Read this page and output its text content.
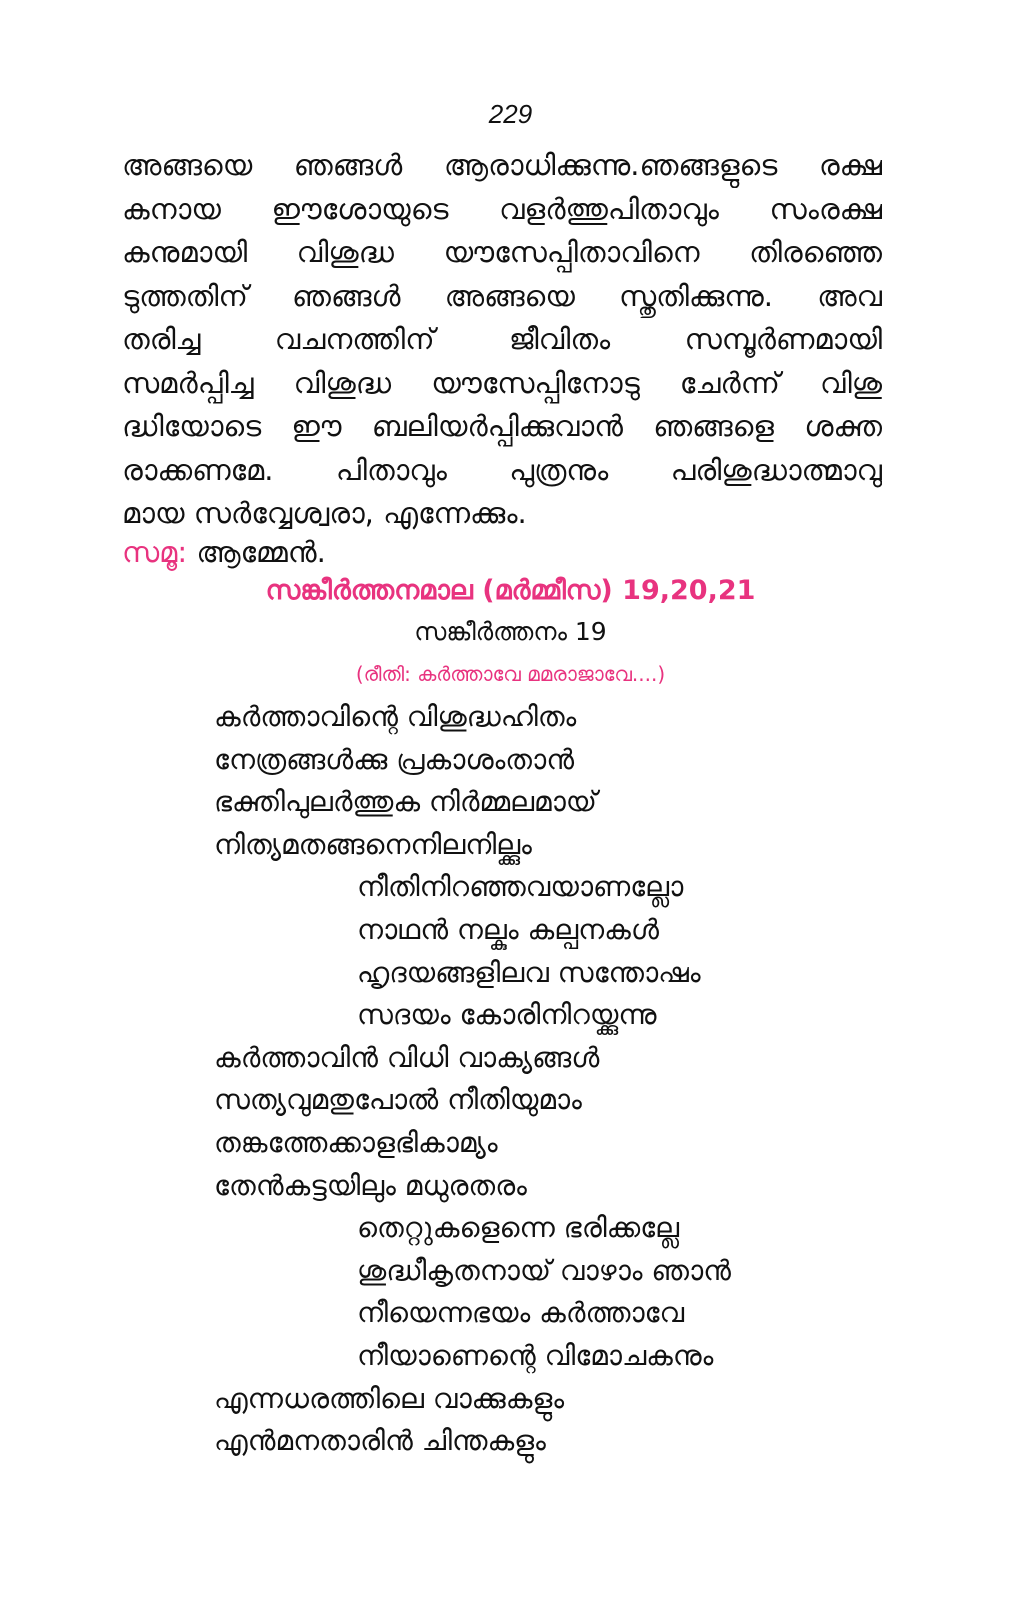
229
അങ്ങയെ ഞങ്ങൾ ആരാധിക്കുന്നു.ഞങ്ങളുടെ രക്ഷ
കനായ ഈശോയുടെ വളർത്തുപിതാവും സംരക്ഷ
കനുമായി വിശുദ്ധ യൗസേപ്പിതാവിനെ തിരഞ്ഞെ
ടുത്തതിന് ഞങ്ങൾ അങ്ങയെ സ്തുതിക്കുന്നു. അവ
തരിച്ച വചനത്തിന് ജീവിതം സമ്പൂർണമായി
സമർപ്പിച്ച വിശുദ്ധ യൗസേപ്പിനോടു ചേർന്ന് വിശു
ദ്ധിയോടെ ഈ ബലിയർപ്പിക്കുവാൻ ഞങ്ങളെ ശക്ത
രാക്കണമേ. പിതാവും പുത്രനും പരിശുദ്ധാത്മാവു
മായ സർവ്വേശ്വരാ, എന്നേക്കും.
സമൂ: ആമ്മേൻ.
സങ്കീർത്തനമാല (മർമ്മീസ) 19,20,21
സങ്കീർത്തനം 19
(രീതി: കർത്താവേ മമരാജാവേ....)
കർത്താവിന്റെ വിശുദ്ധഹിതം
നേത്രങ്ങൾക്കു പ്രകാശംതാൻ
ഭക്തിപുലർത്തുക നിർമ്മലമായ്
നിത്യമതങ്ങനെനിലനില്ക്കും
നീതിനിറഞ്ഞവയാണല്ലോ
നാഥൻ നല്കും കല്പനകൾ
ഹൃദയങ്ങളിലവ സന്തോഷം
സദയം കോരിനിറയ്ക്കുന്നു
കർത്താവിൻ വിധി വാക്യങ്ങൾ
സത്യവുമതുപോൽ നീതിയുമാം
തങ്കത്തേക്കാളഭികാമ്യം
തേൻകട്ടയിലും മധുരതരം
തെറ്റുകളെന്നെ ഭരിക്കല്ലേ
ശുദ്ധീകൃതനായ് വാഴാം ഞാൻ
നീയെന്നഭയം കർത്താവേ
നീയാണെന്റെ വിമോചകനും
എന്നധരത്തിലെ വാക്കുകളും
എൻമനതാരിൻ ചിന്തകളും
